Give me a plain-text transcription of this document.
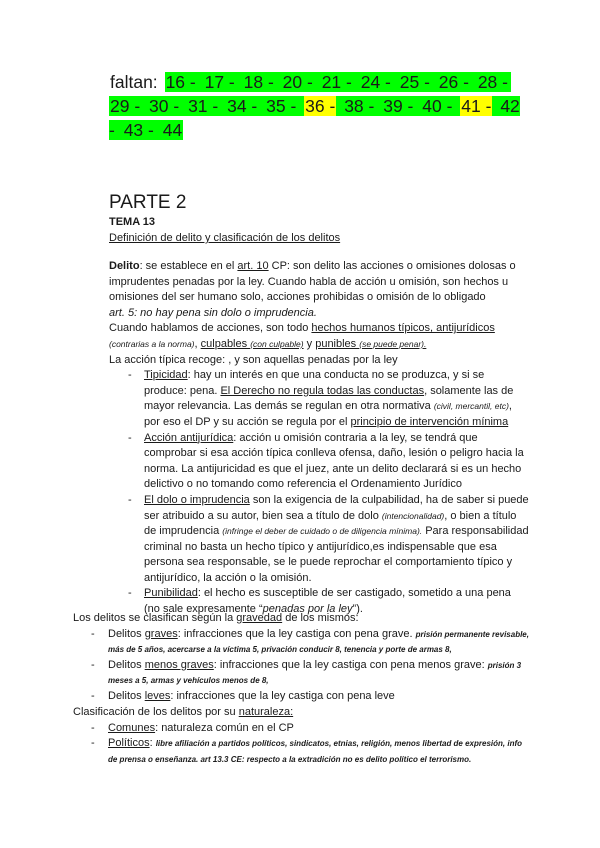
faltan: 16 - 17 - 18 - 20 - 21 - 24 - 25 - 26 - 28 - 29 - 30 - 31 - 34 - 35 - 36 - 38 - 39 - 40 - 41 - 42 - 43 - 44
PARTE 2
TEMA 13
Definición de delito y clasificación de los delitos

Delito: se establece en el art. 10 CP: son delito las acciones o omisiones dolosas o imprudentes penadas por la ley. Cuando habla de acción u omisión, son hechos u omisiones del ser humano solo, acciones prohibidas o omisión de lo obligado

art. 5: no hay pena sin dolo o imprudencia.

Cuando hablamos de acciones, son todo hechos humanos típicos, antijurídicos (contrarias a la norma), culpables (con culpable) y punibles (se puede penar).

La acción típica recoge: , y son aquellas penadas por la ley

- Tipicidad: hay un interés en que una conducta no se produzca, y si se produce: pena. El Derecho no regula todas las conductas, solamente las de mayor relevancia. Las demás se regulan en otra normativa (civil, mercantil, etc), por eso el DP y su acción se regula por el principio de intervención mínima
- Acción antijurídica: acción u omisión contraria a la ley, se tendrá que comprobar si esa acción típica conlleva ofensa, daño, lesión o peligro hacia la norma. La antijuricidad es que el juez, ante un delito declarará si es un hecho delictivo o no tomando como referencia el Ordenamiento Jurídico
- El dolo o imprudencia son la exigencia de la culpabilidad, ha de saber si puede ser atribuido a su autor, bien sea a título de dolo (intencionalidad), o bien a título de imprudencia (infringe el deber de cuidado o de diligencia mínima). Para responsabilidad criminal no basta un hecho típico y antijurídico,es indispensable que esa persona sea responsable, se le puede reprochar el comportamiento típico y antijurídico, la acción o la omisión.
- Punibilidad: el hecho es susceptible de ser castigado, sometido a una pena (no sale expresamente “penadas por la ley”).

Los delitos se clasifican según la gravedad de los mismos:

- Delitos graves: infracciones que la ley castiga con pena grave. prisión permanente revisable, más de 5 años, acercarse a la víctima 5, privación conducir 8, tenencia y porte de armas 8,
- Delitos menos graves: infracciones que la ley castiga con pena menos grave: prisión 3 meses a 5, armas y vehículos menos de 8,
- Delitos leves: infracciones que la ley castiga con pena leve

Clasificación de los delitos por su naturaleza:

- Comunes: naturaleza común en el CP
- Políticos: libre afiliación a partidos políticos, sindicatos, etnias, religión, menos libertad de expresión, info de prensa o enseñanza. art 13.3 CE: respecto a la extradición no es delito político el terrorismo.
